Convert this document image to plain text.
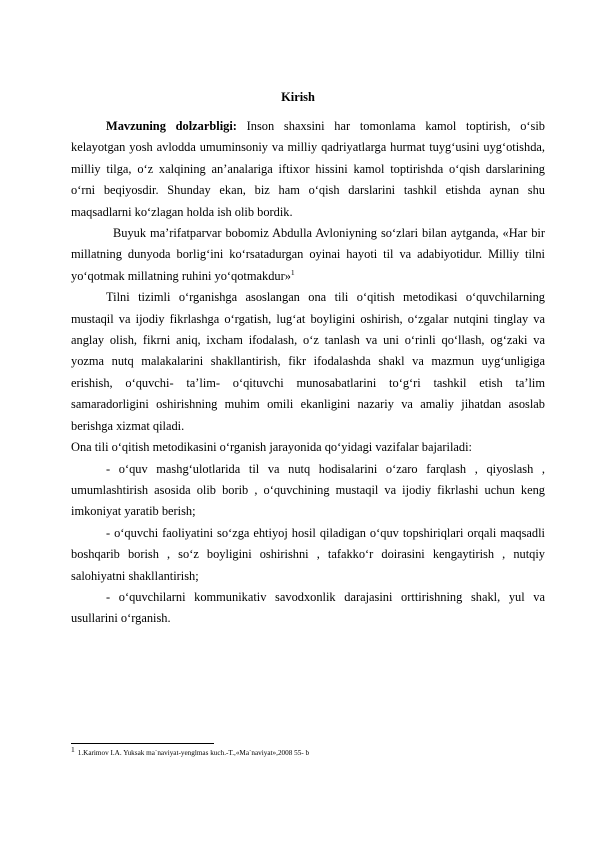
Kirish

Mavzuning dolzarbligi: Inson shaxsini har tomonlama kamol toptirish, o‘sib kelayotgan yosh avlodda umuminsoniy va milliy qadriyatlarga hurmat tuyg‘usini uyg‘otishda, milliy tilga, o‘z xalqining an’analariga iftixor hissini kamol toptirishda o‘qish darslarining o‘rni beqiyosdir. Shunday ekan, biz ham o‘qish darslarini tashkil etishda aynan shu maqsadlarni ko‘zlagan holda ish olib bordik.

Buyuk ma’rifatparvar bobomiz Abdulla Avloniyning so‘zlari bilan aytganda, «Har bir millatning dunyoda borlig‘ini ko‘rsatadurgan oyinai hayoti til va adabiyotidur. Milliy tilni yo‘qotmak millatning ruhini yo‘qotmakdur»$^1$

Tilni tizimli o‘rganishga asoslangan ona tili o‘qitish metodikasi o‘quvchilarning mustaqil va ijodiy fikrlashga o‘rgatish, lug‘at boyligini oshirish, o‘zgalar nutqini tinglay va anglay olish, fikrni aniq, ixcham ifodalash, o‘z tanlash va uni o‘rinli qo‘llash, og‘zaki va yozma nutq malakalarini shakllantirish, fikr ifodalashda shakl va mazmun uyg‘unligiga erishish, o‘quvchi- ta’lim- o‘qituvchi munosabatlarini to‘g‘ri tashkil etish ta’lim samaradorligini oshirishning muhim omili ekanligini nazariy va amaliy jihatdan asoslab berishga xizmat qiladi.

Ona tili o‘qitish metodikasini o‘rganish jarayonida qo‘yidagi vazifalar bajariladi:

- o‘quv mashg‘ulotlarida til va nutq hodisalarini o‘zaro farqlash , qiyoslash , umumlashtirish asosida olib borib , o‘quvchining mustaqil va ijodiy fikrlashi uchun keng imkoniyat yaratib berish;

- o‘quvchi faoliyatini so‘zga ehtiyoj hosil qiladigan o‘quv topshiriqlari orqali maqsadli boshqarib borish , so‘z boyligini oshirishni , tafakko‘r doirasini kengaytirish , nutqiy salohiyatni shakllantirish;

- o‘quvchilarni kommunikativ savodxonlik darajasini orttirishning shakl, yul va usullarini o‘rganish.

$^1$ 1.Karimov I.A. Yuksak ma`naviyat-yenglmas kuch.-T.,«Ma`naviyat»,2008 55- b
